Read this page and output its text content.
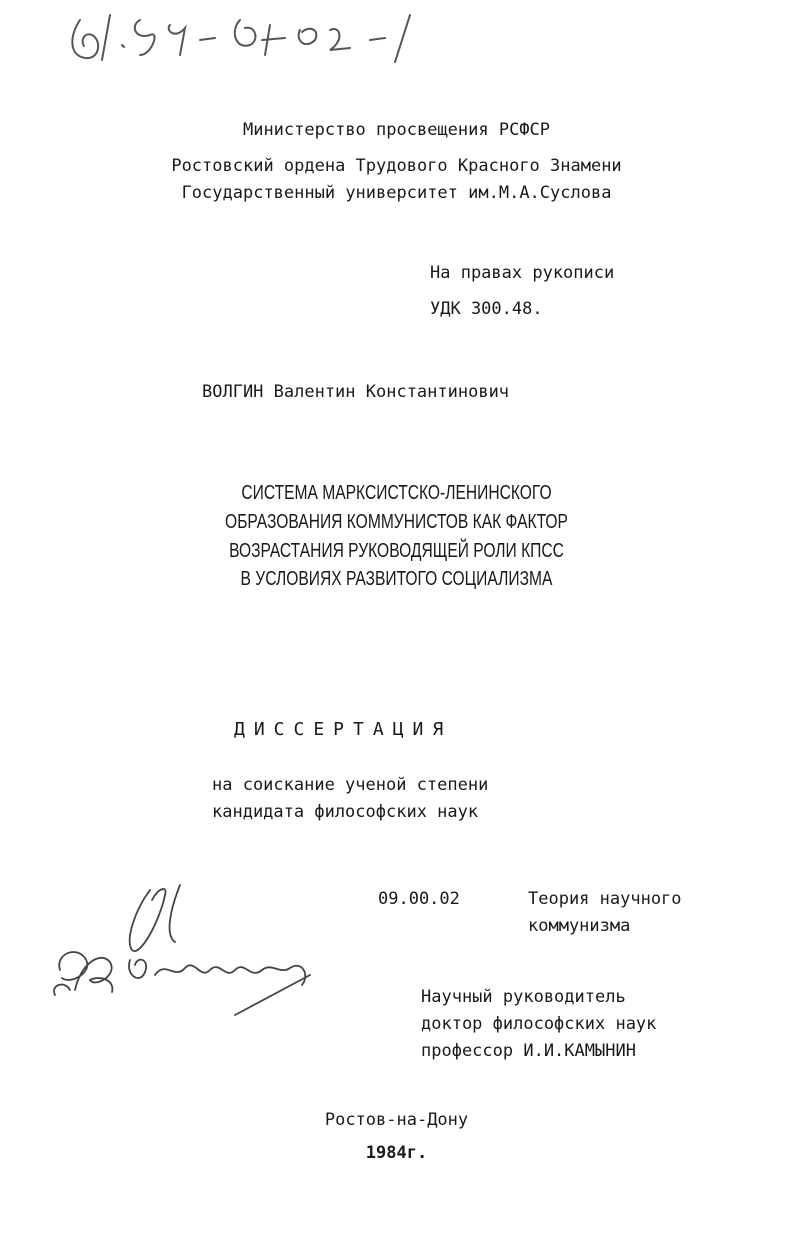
Министерство просвещения РСФСР
Ростовский ордена Трудового Красного Знамени
Государственный университет им.М.А.Суслова
На правах рукописи
УДК 300.48.
ВОЛГИН Валентин Константинович
СИСТЕМА МАРКСИСТСКО-ЛЕНИНСКОГО
ОБРАЗОВАНИЯ КОММУНИСТОВ КАК ФАКТОР
ВОЗРАСТАНИЯ РУКОВОДЯЩЕЙ РОЛИ КПСС
В УСЛОВИЯХ РАЗВИТОГО СОЦИАЛИЗМА
ДИССЕРТАЦИЯ
на соискание ученой степени
кандидата философских наук
09.00.02	Теория научного
коммунизма
Научный руководитель
доктор философских наук
профессор И.И.КАМЫНИН
Ростов-на-Дону
1984г.
